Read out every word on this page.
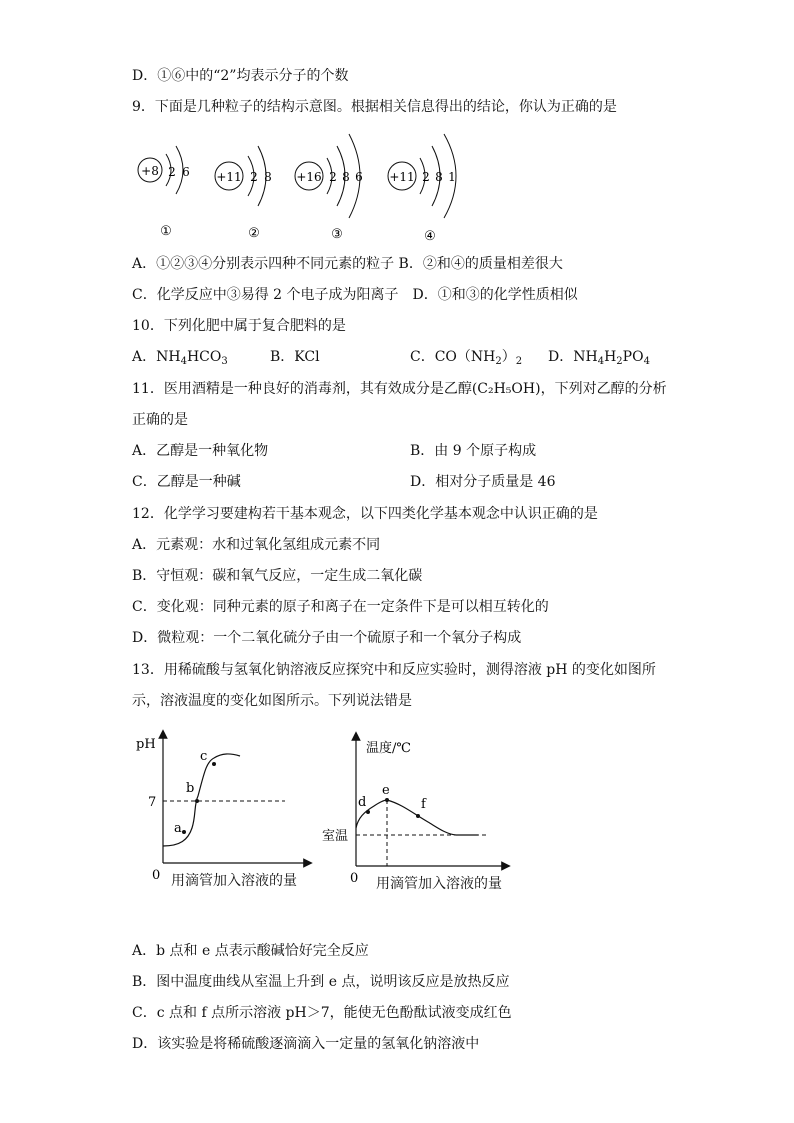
D．①⑥中的“2”均表示分子的个数
9．下面是几种粒子的结构示意图。根据相关信息得出的结论，你认为正确的是
+8 2 6
①
+11 2 8
②
+16 2 8 6
③
+11 2 8 1
④
A．①②③④分别表示四种不同元素的粒子 B．②和④的质量相差很大
C．化学反应中③易得 2 个电子成为阳离子　D．①和③的化学性质相似
10．下列化肥中属于复合肥料的是
A．$NH_4HCO_3$	B．KCl	C．$CO(NH_2)_2$ D．$NH_4H_2PO_4$
11．医用酒精是一种良好的消毒剂，其有效成分是乙醇(C₂H₅OH)，下列对乙醇的分析
正确的是
A．乙醇是一种氧化物	B．由 9 个原子构成
C．乙醇是一种碱	D．相对分子质量是 46
12．化学学习要建构若干基本观念，以下四类化学基本观念中认识正确的是
A．元素观：水和过氧化氢组成元素不同
B．守恒观：碳和氧气反应，一定生成二氧化碳
C．变化观：同种元素的原子和离子在一定条件下是可以相互转化的
D．微粒观：一个二氧化硫分子由一个硫原子和一个氧分子构成
13．用稀硫酸与氢氧化钠溶液反应探究中和反应实验时，测得溶液 pH 的变化如图所
示，溶液温度的变化如图所示。下列说法错是
pH
7
0
a
b
c
用滴管加入溶液的量
温度/℃
室温
0
d
e
f
用滴管加入溶液的量
A．b 点和 e 点表示酸碱恰好完全反应
B．图中温度曲线从室温上升到 e 点，说明该反应是放热反应
C．c 点和 f 点所示溶液 pH＞7，能使无色酚酞试液变成红色
D．该实验是将稀硫酸逐滴滴入一定量的氢氧化钠溶液中
